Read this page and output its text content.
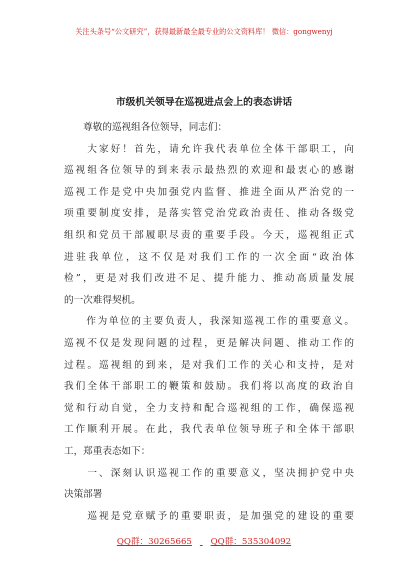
关注头条号“公文研究”，获得最新最全最专业的公文资料库！ 微信：gongwenyj
市级机关领导在巡视进点会上的表态讲话
　　尊敬的巡视组各位领导，同志们：
　　大家好！首先，请允许我代表单位全体干部职工，向
巡视组各位领导的到来表示最热烈的欢迎和最衷心的感谢
巡视工作是党中央加强党内监督、推进全面从严治党的一
项重要制度安排，是落实管党治党政治责任、推动各级党
组织和党员干部履职尽责的重要手段。今天，巡视组正式
进驻我单位，这不仅是对我们工作的一次全面“政治体
检”，更是对我们改进不足、提升能力、推动高质量发展
的一次难得契机。
　　作为单位的主要负责人，我深知巡视工作的重要意义。
巡视不仅是发现问题的过程，更是解决问题、推动工作的
过程。巡视组的到来，是对我们工作的关心和支持，是对
我们全体干部职工的鞭策和鼓励。我们将以高度的政治自
觉和行动自觉，全力支持和配合巡视组的工作，确保巡视
工作顺利开展。在此，我代表单位领导班子和全体干部职
工，郑重表态如下：
　　一、深刻认识巡视工作的重要意义，坚决拥护党中央
决策部署
　　巡视是党章赋予的重要职责，是加强党的建设的重要
QQ群：30265665 QQ群：535304092
